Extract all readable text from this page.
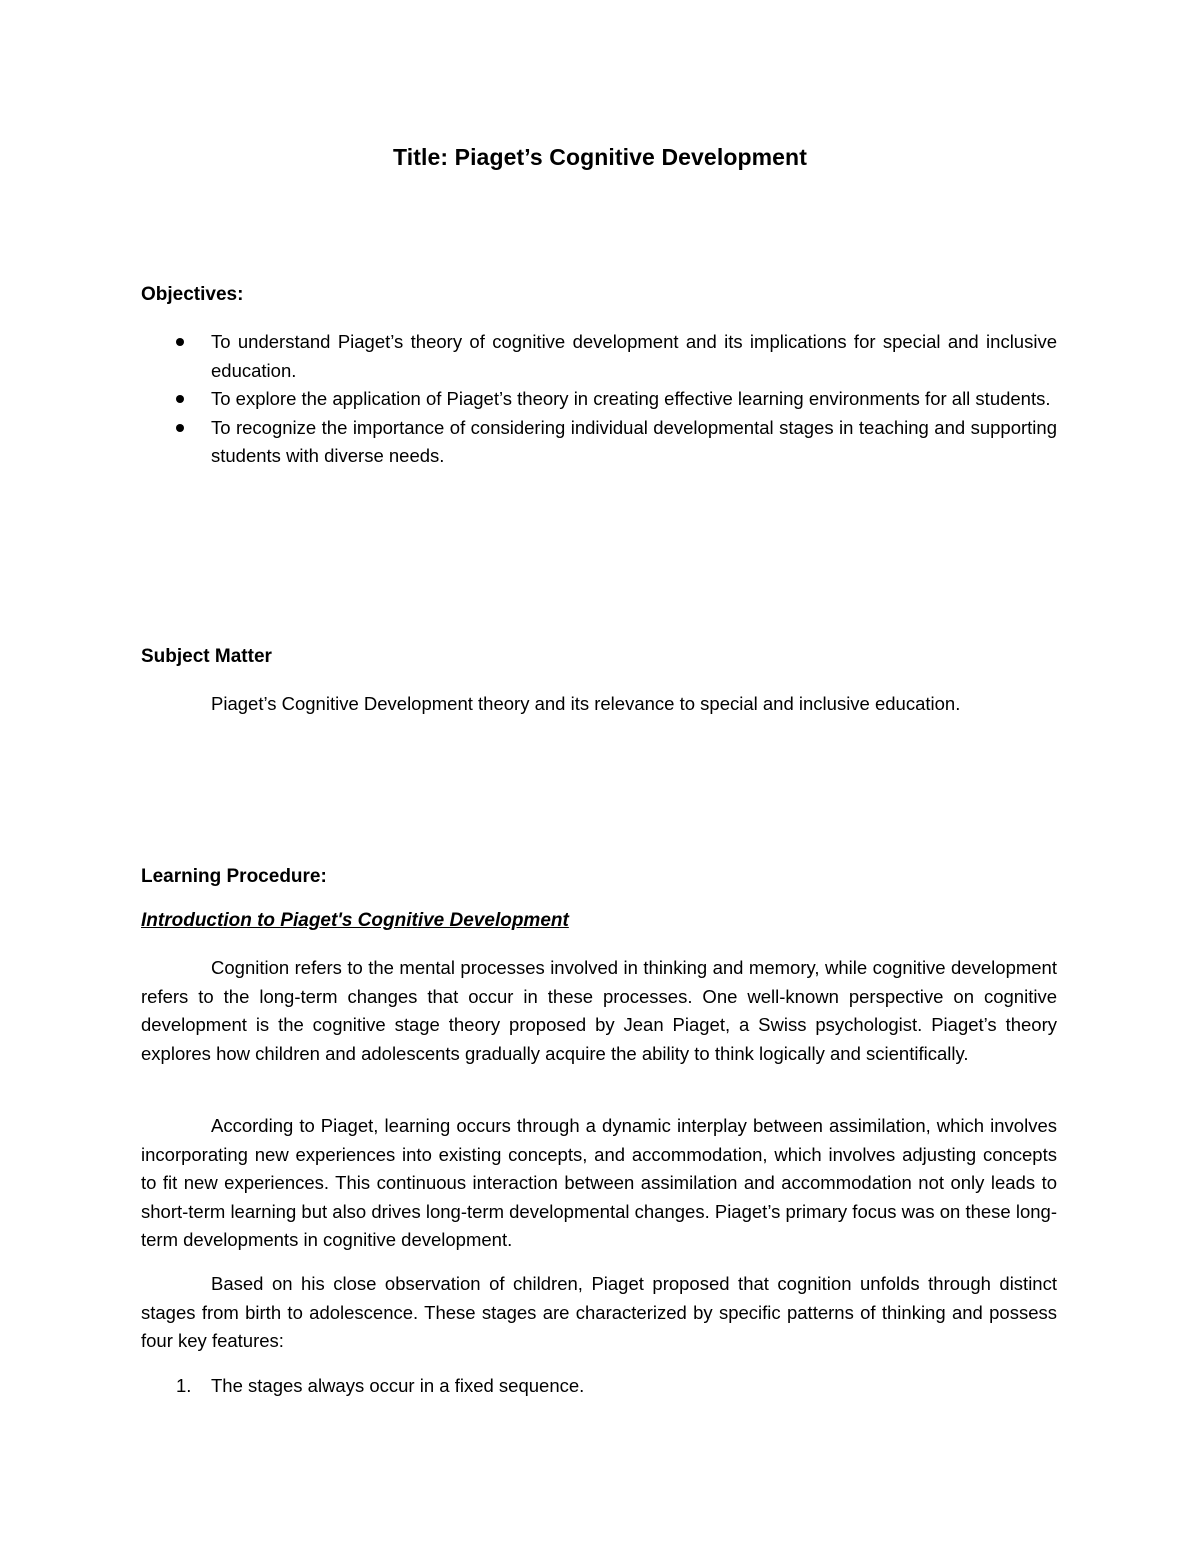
Title: Piaget’s Cognitive Development
Objectives:
To understand Piaget’s theory of cognitive development and its implications for special and inclusive education.
To explore the application of Piaget’s theory in creating effective learning environments for all students.
To recognize the importance of considering individual developmental stages in teaching and supporting students with diverse needs.
Subject Matter
Piaget’s Cognitive Development theory and its relevance to special and inclusive education.
Learning Procedure:
Introduction to Piaget's Cognitive Development

Cognition refers to the mental processes involved in thinking and memory, while cognitive development refers to the long-term changes that occur in these processes. One well-known perspective on cognitive development is the cognitive stage theory proposed by Jean Piaget, a Swiss psychologist. Piaget’s theory explores how children and adolescents gradually acquire the ability to think logically and scientifically.

According to Piaget, learning occurs through a dynamic interplay between assimilation, which involves incorporating new experiences into existing concepts, and accommodation, which involves adjusting concepts to fit new experiences. This continuous interaction between assimilation and accommodation not only leads to short-term learning but also drives long-term developmental changes. Piaget’s primary focus was on these long-term developments in cognitive development.

Based on his close observation of children, Piaget proposed that cognition unfolds through distinct stages from birth to adolescence. These stages are characterized by specific patterns of thinking and possess four key features:

1. The stages always occur in a fixed sequence.
